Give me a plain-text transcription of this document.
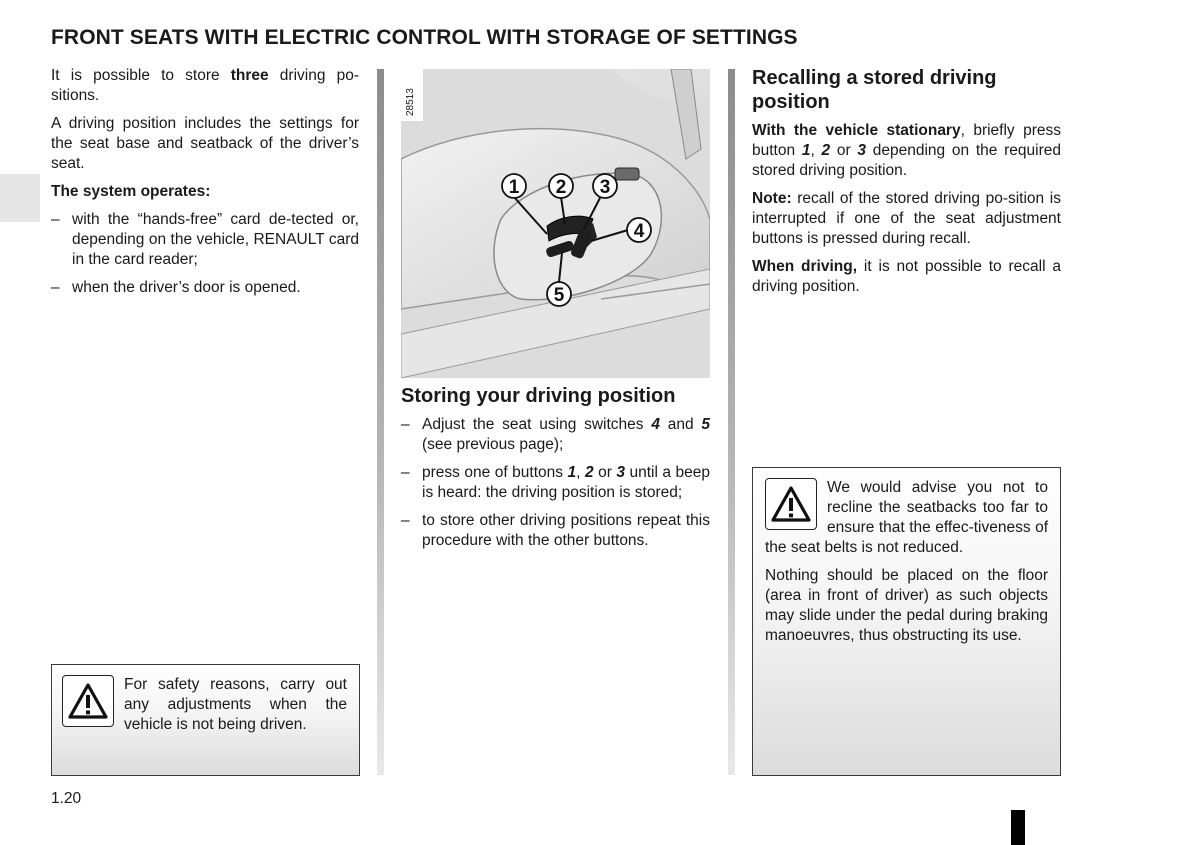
FRONT SEATS WITH ELECTRIC CONTROL WITH STORAGE OF SETTINGS

It is possible to store three driving po-sitions.

A driving position includes the settings for the seat base and seatback of the driver’s seat.

The system operates:

– with the “hands-free” card de-tected or, depending on the vehicle, RENAULT card in the card reader;
– when the driver’s door is opened.

For safety reasons, carry out any adjustments when the vehicle is not being driven.

1 2 3
4
5
28513
Storing your driving position
– Adjust the seat using switches 4 and 5 (see previous page);
– press one of buttons 1, 2 or 3 until a beep is heard: the driving position is stored;
– to store other driving positions repeat this procedure with the other buttons.
Recalling a stored driving position

With the vehicle stationary, briefly press button 1, 2 or 3 depending on the required stored driving position.

Note: recall of the stored driving po-sition is interrupted if one of the seat adjustment buttons is pressed during recall.

When driving, it is not possible to recall a driving position.

We would advise you not to recline the seatbacks too far to ensure that the effec-tiveness of the seat belts is not reduced.

Nothing should be placed on the floor (area in front of driver) as such objects may slide under the pedal during braking manoeuvres, thus obstructing its use.

1.20
